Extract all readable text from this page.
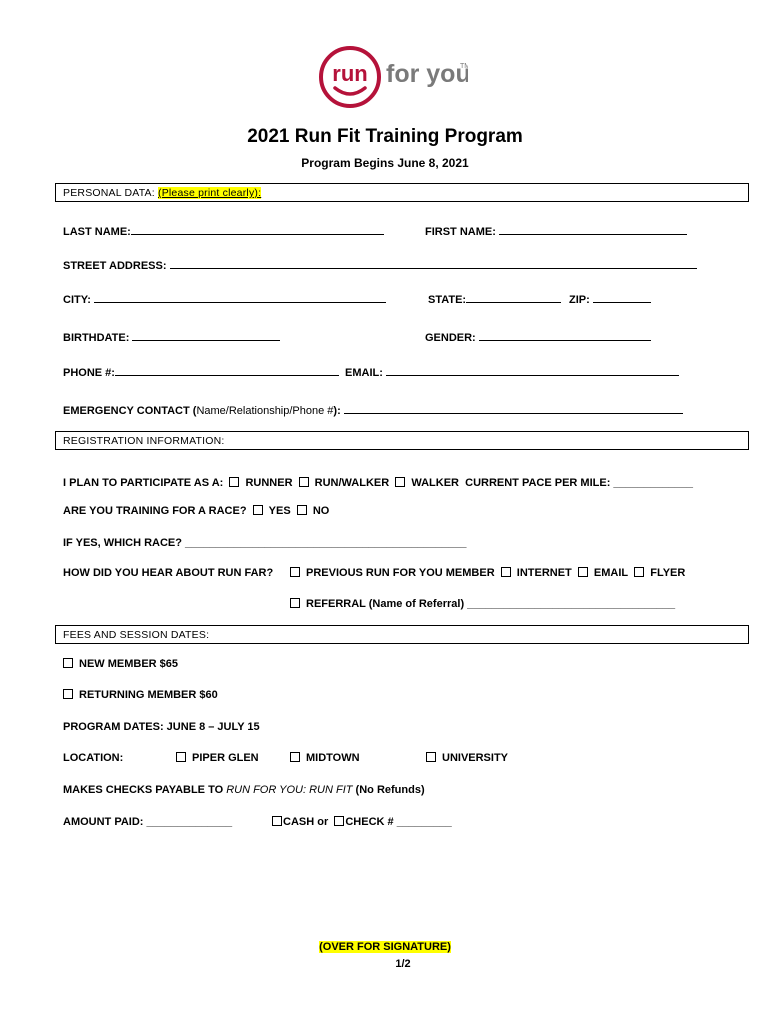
run for you
TM
2021 Run Fit Training Program
Program Begins June 8, 2021
PERSONAL DATA: (Please print clearly):
LAST NAME:	FIRST NAME:
STREET ADDRESS:
CITY:	STATE:	ZIP:
BIRTHDATE:	GENDER:
PHONE #:	EMAIL:
EMERGENCY CONTACT (Name/Relationship/Phone #):
REGISTRATION INFORMATION:
I PLAN TO PARTICIPATE AS A: RUNNER RUN/WALKER WALKER CURRENT PACE PER MILE: _____________
ARE YOU TRAINING FOR A RACE? YES NO
IF YES, WHICH RACE? ______________________________________________
HOW DID YOU HEAR ABOUT RUN FAR?	PREVIOUS RUN FOR YOU MEMBER INTERNET EMAIL FLYER
REFERRAL (Name of Referral) __________________________________
FEES AND SESSION DATES:
NEW MEMBER $65
RETURNING MEMBER $60
PROGRAM DATES: JUNE 8 – JULY 15
LOCATION:	PIPER GLEN	MIDTOWN	UNIVERSITY
MAKES CHECKS PAYABLE TO RUN FOR YOU: RUN FIT (No Refunds)
AMOUNT PAID: ______________	CASH or CHECK # _________
(OVER FOR SIGNATURE)
1/2
